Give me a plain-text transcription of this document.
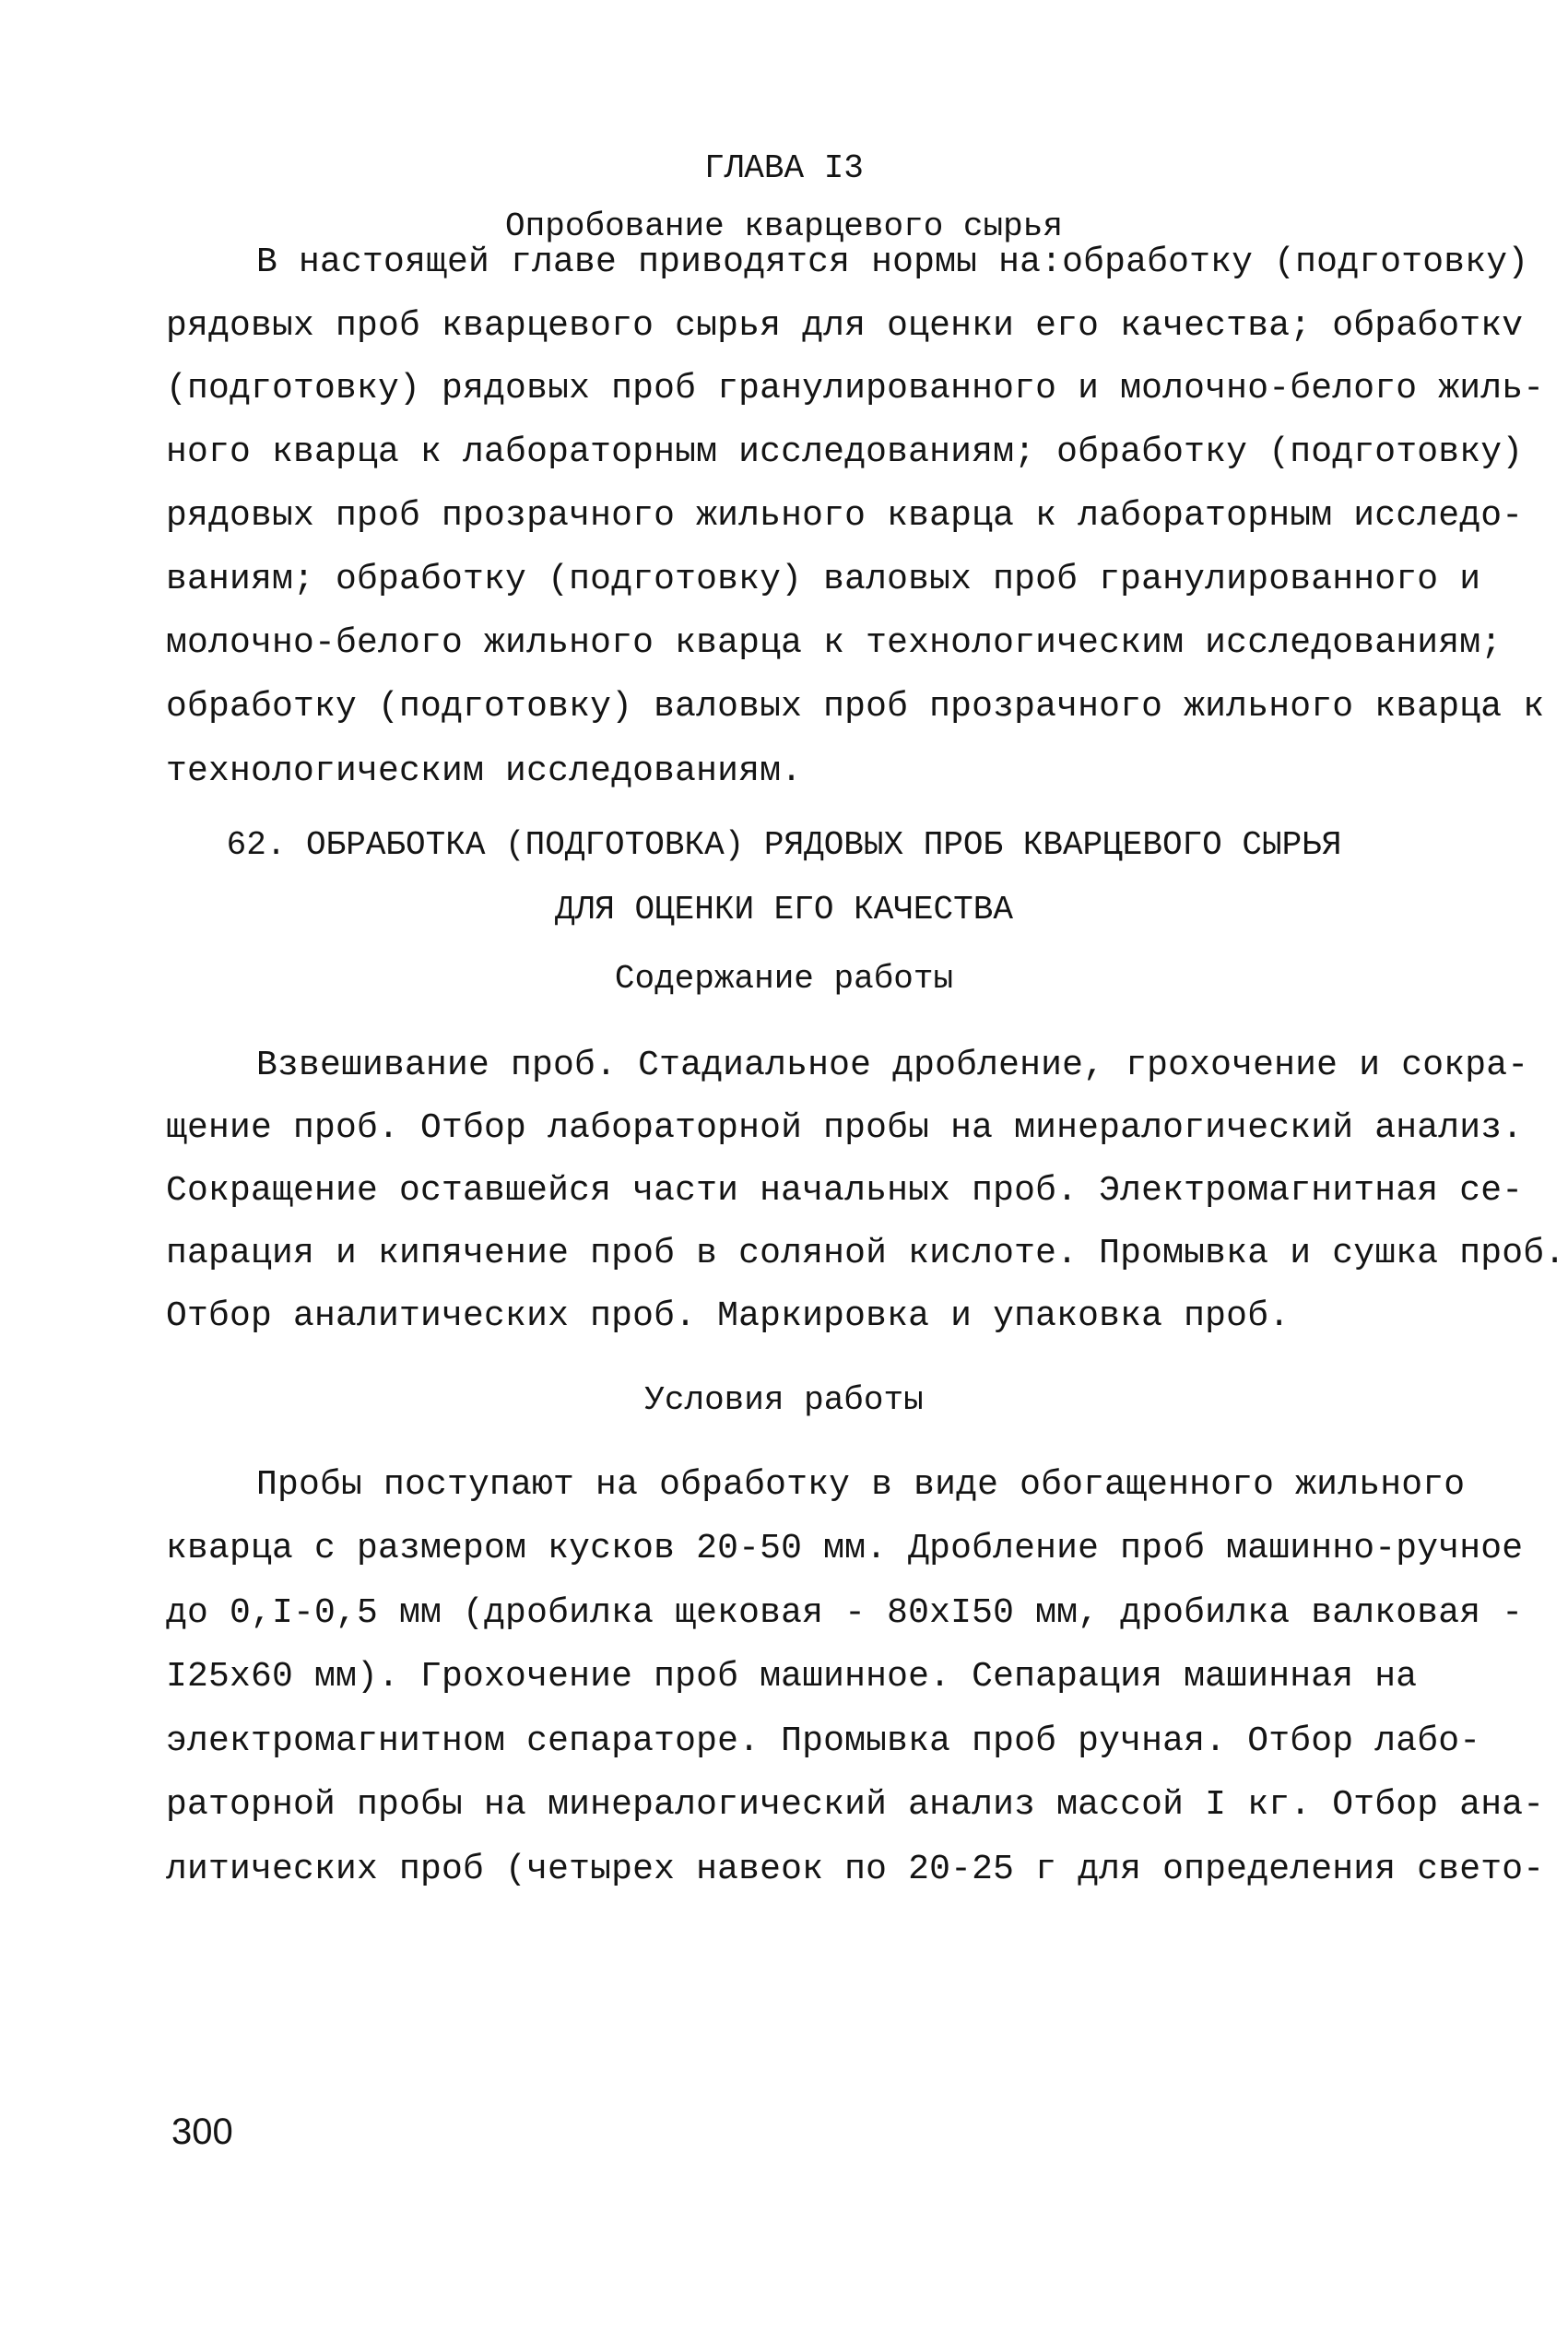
ГЛАВА I3
Опробование кварцевого сырья
В настоящей главе приводятся нормы на:обработку (подготовку)
рядовых проб кварцевого сырья для оценки его качества; обработкv
(подготовку) рядовых проб гранулированного и молочно-белого жиль-
ного кварца к лабораторным исследованиям; обработку (подготовку)
рядовых проб прозрачного жильного кварца к лабораторным исследо-
ваниям; обработку (подготовку) валовых проб гранулированного и
молочно-белого жильного кварца к технологическим исследованиям;
обработку (подготовку) валовых проб прозрачного жильного кварца к
технологическим исследованиям.
62. ОБРАБОТКА (ПОДГОТОВКА) РЯДОВЫХ ПРОБ КВАРЦЕВОГО СЫРЬЯ
ДЛЯ ОЦЕНКИ ЕГО КАЧЕСТВА
Содержание работы
Взвешивание проб. Стадиальное дробление, грохочение и сокра-
щение проб. Отбор лабораторной пробы на минералогический анализ.
Сокращение оставшейся части начальных проб. Электромагнитная се-
парация и кипячение проб в соляной кислоте. Промывка и сушка проб.
Отбор аналитических проб. Маркировка и упаковка проб.
Условия работы
Пробы поступают на обработку в виде обогащенного жильного
кварца с размером кусков 20-50 мм. Дробление проб машинно-ручное
до 0,I-0,5 мм (дробилка щековая - 80хI50 мм, дробилка валковая -
I25х60 мм). Грохочение проб машинное. Сепарация машинная на
электромагнитном сепараторе. Промывка проб ручная. Отбор лабо-
раторной пробы на минералогический анализ массой I кг. Отбор ана-
литических проб (четырех навеок по 20-25 г для определения свето-
300
